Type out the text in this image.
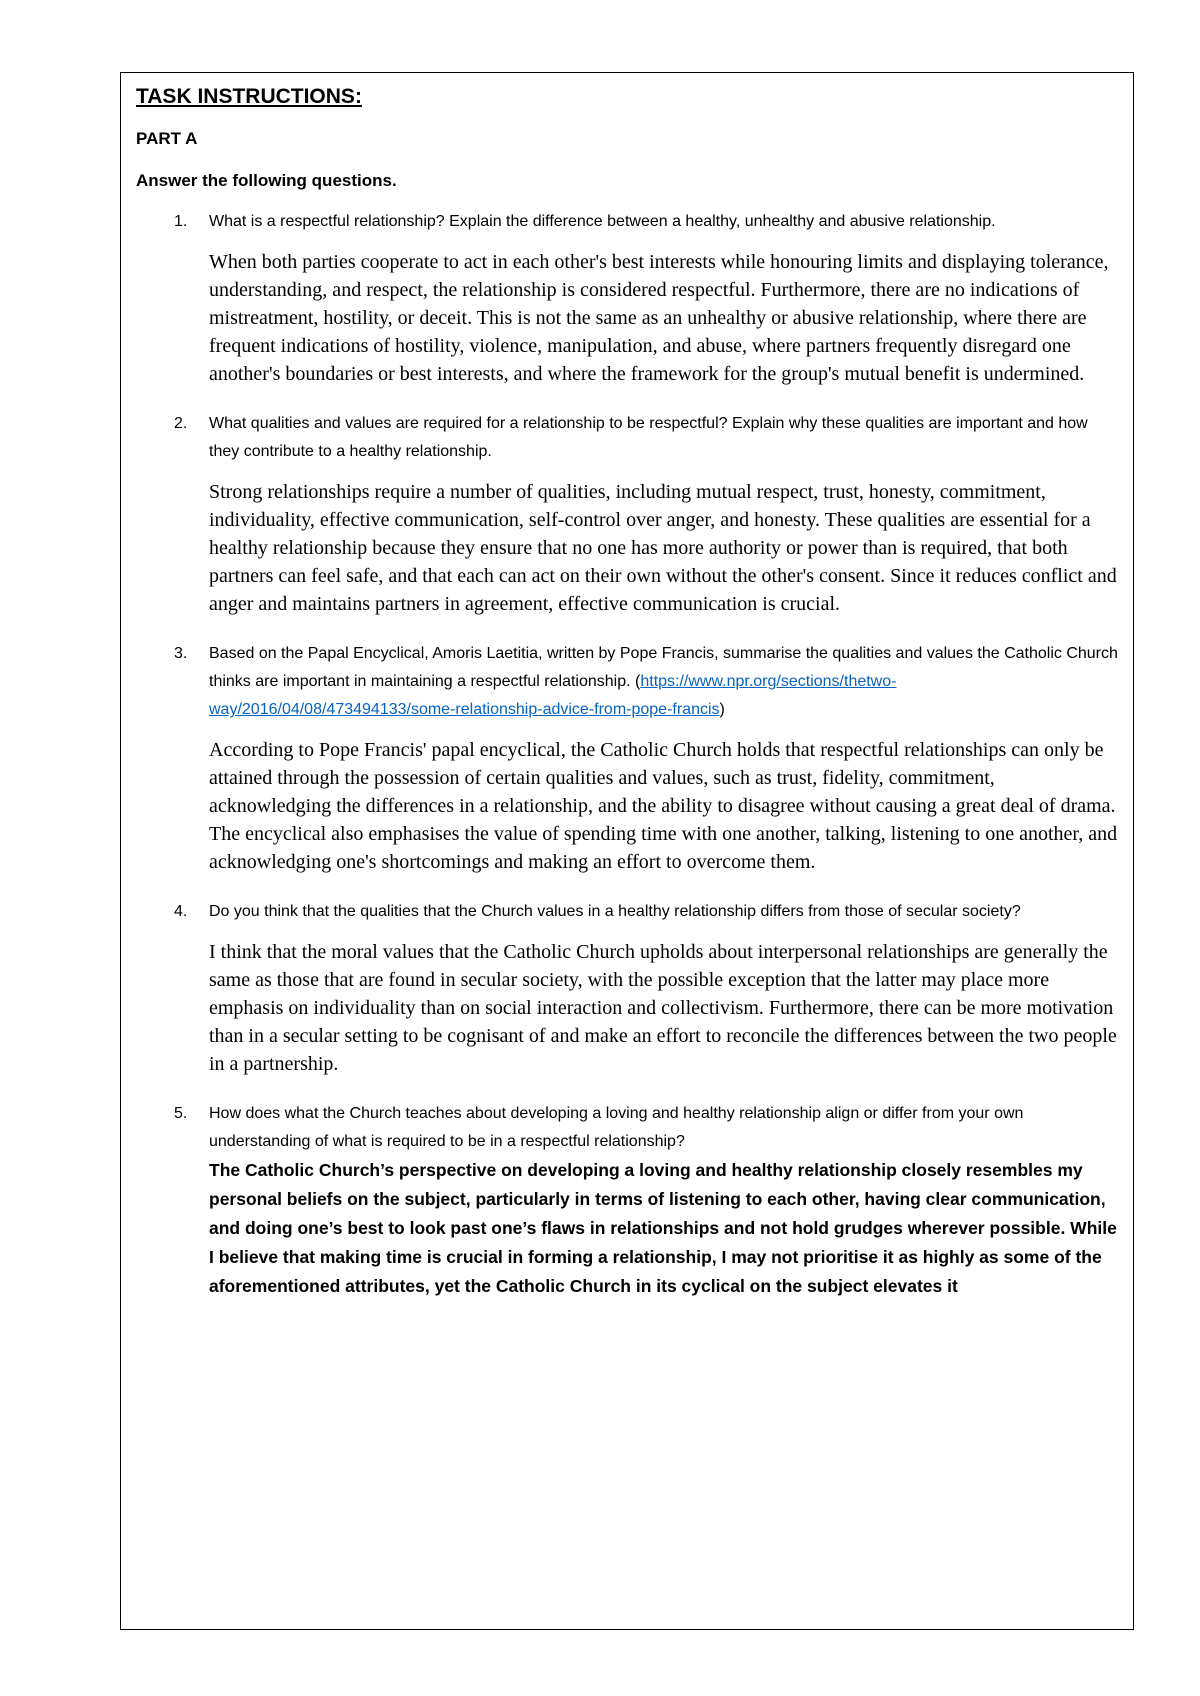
TASK INSTRUCTIONS:
PART A
Answer the following questions.
1. What is a respectful relationship? Explain the difference between a healthy, unhealthy and abusive relationship.
When both parties cooperate to act in each other's best interests while honouring limits and displaying tolerance, understanding, and respect, the relationship is considered respectful. Furthermore, there are no indications of mistreatment, hostility, or deceit. This is not the same as an unhealthy or abusive relationship, where there are frequent indications of hostility, violence, manipulation, and abuse, where partners frequently disregard one another's boundaries or best interests, and where the framework for the group's mutual benefit is undermined.
2. What qualities and values are required for a relationship to be respectful? Explain why these qualities are important and how they contribute to a healthy relationship.
Strong relationships require a number of qualities, including mutual respect, trust, honesty, commitment, individuality, effective communication, self-control over anger, and honesty. These qualities are essential for a healthy relationship because they ensure that no one has more authority or power than is required, that both partners can feel safe, and that each can act on their own without the other's consent. Since it reduces conflict and anger and maintains partners in agreement, effective communication is crucial.
3. Based on the Papal Encyclical, Amoris Laetitia, written by Pope Francis, summarise the qualities and values the Catholic Church thinks are important in maintaining a respectful relationship. (https://www.npr.org/sections/thetwo-way/2016/04/08/473494133/some-relationship-advice-from-pope-francis)
According to Pope Francis' papal encyclical, the Catholic Church holds that respectful relationships can only be attained through the possession of certain qualities and values, such as trust, fidelity, commitment, acknowledging the differences in a relationship, and the ability to disagree without causing a great deal of drama. The encyclical also emphasises the value of spending time with one another, talking, listening to one another, and acknowledging one's shortcomings and making an effort to overcome them.
4. Do you think that the qualities that the Church values in a healthy relationship differs from those of secular society?
I think that the moral values that the Catholic Church upholds about interpersonal relationships are generally the same as those that are found in secular society, with the possible exception that the latter may place more emphasis on individuality than on social interaction and collectivism. Furthermore, there can be more motivation than in a secular setting to be cognisant of and make an effort to reconcile the differences between the two people in a partnership.
5. How does what the Church teaches about developing a loving and healthy relationship align or differ from your own understanding of what is required to be in a respectful relationship?
The Catholic Church’s perspective on developing a loving and healthy relationship closely resembles my personal beliefs on the subject, particularly in terms of listening to each other, having clear communication, and doing one’s best to look past one’s flaws in relationships and not hold grudges wherever possible. While I believe that making time is crucial in forming a relationship, I may not prioritise it as highly as some of the aforementioned attributes, yet the Catholic Church in its cyclical on the subject elevates it
